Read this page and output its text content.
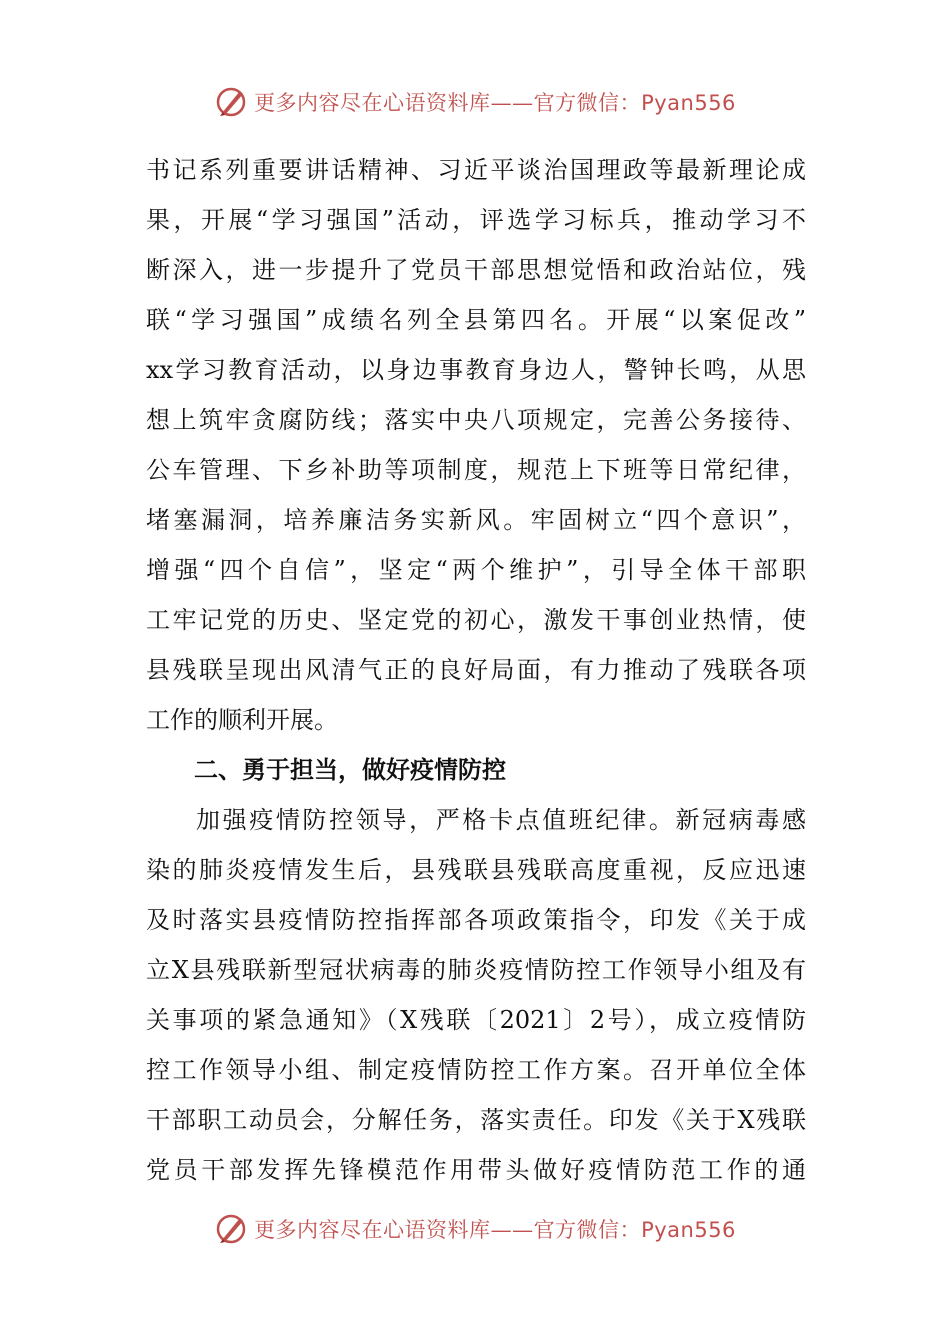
更多内容尽在心语资料库——官方微信：Pyan556

书记系列重要讲话精神、习近平谈治国理政等最新理论成

果，开展“学习强国”活动，评选学习标兵，推动学习不

断深入，进一步提升了党员干部思想觉悟和政治站位，残

联“学习强国”成绩名列全县第四名。开展“以案促改”

xx学习教育活动，以身边事教育身边人，警钟长鸣，从思

想上筑牢贪腐防线；落实中央八项规定，完善公务接待、

公车管理、下乡补助等项制度，规范上下班等日常纪律，

堵塞漏洞，培养廉洁务实新风。牢固树立“四个意识”，

增强“四个自信”，坚定“两个维护”，引导全体干部职

工牢记党的历史、坚定党的初心，激发干事创业热情，使

县残联呈现出风清气正的良好局面，有力推动了残联各项

工作的顺利开展。

二、勇于担当，做好疫情防控

加强疫情防控领导，严格卡点值班纪律。新冠病毒感

染的肺炎疫情发生后，县残联县残联高度重视，反应迅速

及时落实县疫情防控指挥部各项政策指令，印发《关于成

立X县残联新型冠状病毒的肺炎疫情防控工作领导小组及有

关事项的紧急通知》（X残联〔2021〕2号），成立疫情防

控工作领导小组、制定疫情防控工作方案。召开单位全体

干部职工动员会，分解任务，落实责任。印发《关于X残联

党员干部发挥先锋模范作用带头做好疫情防范工作的通

更多内容尽在心语资料库——官方微信：Pyan556
